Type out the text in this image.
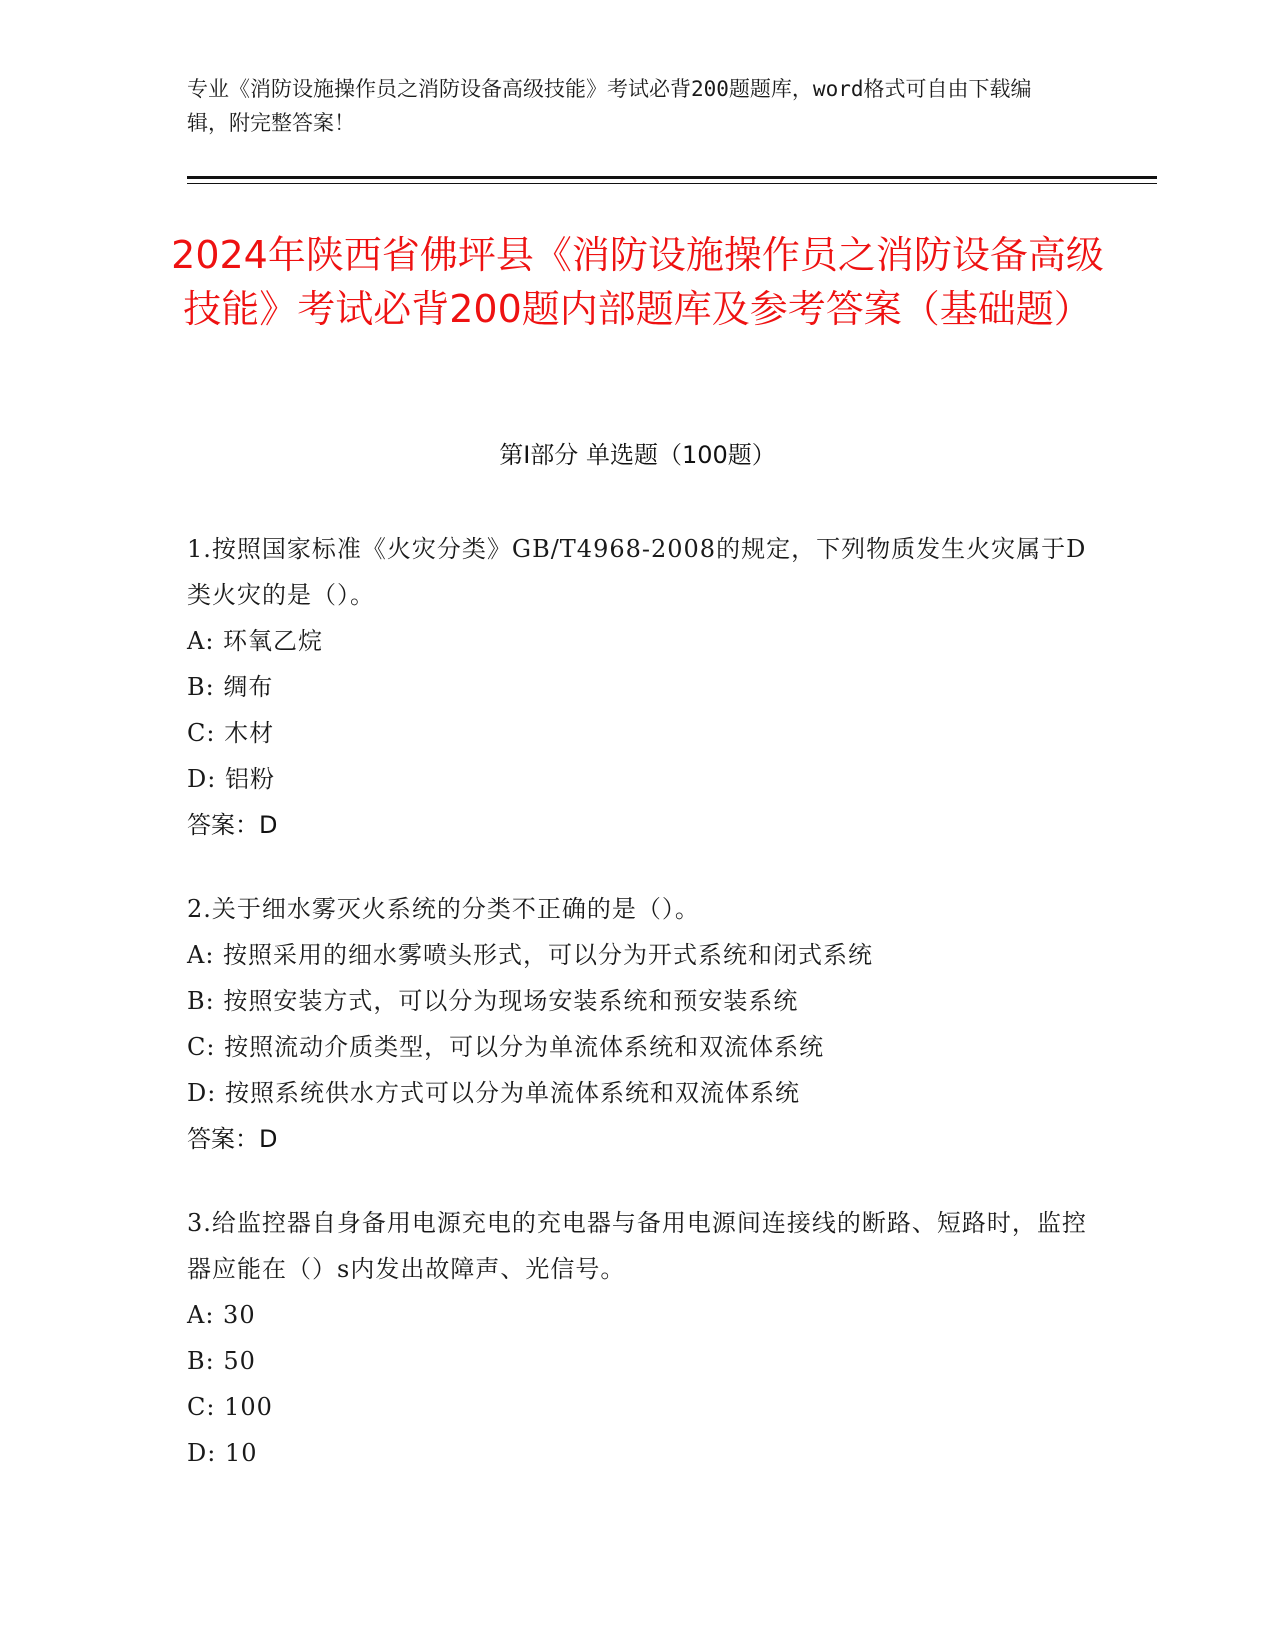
专业《消防设施操作员之消防设备高级技能》考试必背200题题库，word格式可自由下载编辑，附完整答案！
2024年陕西省佛坪县《消防设施操作员之消防设备高级技能》考试必背200题内部题库及参考答案（基础题）
第I部分 单选题（100题）

1.按照国家标准《火灾分类》GB/T4968-2008的规定，下列物质发生火灾属于D类火灾的是（）。

A: 环氧乙烷

B: 绸布

C: 木材

D: 铝粉

答案：D

2.关于细水雾灭火系统的分类不正确的是（）。

A: 按照采用的细水雾喷头形式，可以分为开式系统和闭式系统

B: 按照安装方式，可以分为现场安装系统和预安装系统

C: 按照流动介质类型，可以分为单流体系统和双流体系统

D: 按照系统供水方式可以分为单流体系统和双流体系统

答案：D

3.给监控器自身备用电源充电的充电器与备用电源间连接线的断路、短路时，监控器应能在（）s内发出故障声、光信号。

A: 30

B: 50

C: 100

D: 10
